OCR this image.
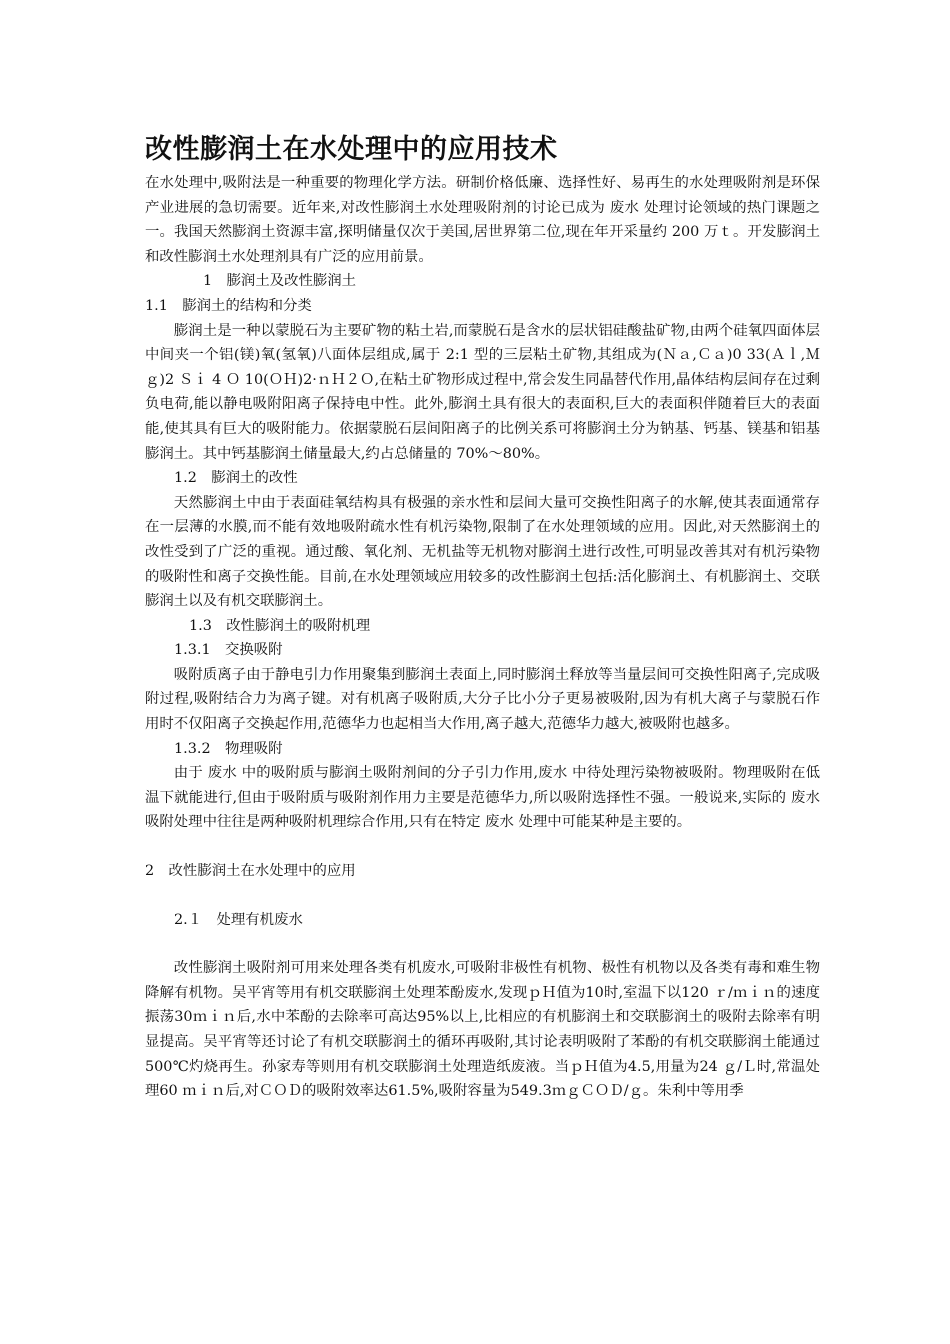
改性膨润土在水处理中的应用技术

在水处理中,吸附法是一种重要的物理化学方法。研制价格低廉、选择性好、易再生的水处理吸附剂是环保产业进展的急切需要。近年来,对改性膨润土水处理吸附剂的讨论已成为 废水 处理讨论领域的热门课题之一。我国天然膨润土资源丰富,探明储量仅次于美国,居世界第二位,现在年开采量约 200 万ｔ。开发膨润土和改性膨润土水处理剂具有广泛的应用前景。

1　膨润土及改性膨润土

1.1　膨润土的结构和分类

膨润土是一种以蒙脱石为主要矿物的粘土岩,而蒙脱石是含水的层状铝硅酸盐矿物,由两个硅氧四面体层中间夹一个铝(镁)氧(氢氧)八面体层组成,属于 2:1 型的三层粘土矿物,其组成为(Ｎａ,Ｃａ)0 33(Ａｌ,Ｍｇ)2 Ｓｉ 4 Ｏ 10(ＯＨ)2·ｎＨ２Ｏ,在粘土矿物形成过程中,常会发生同晶替代作用,晶体结构层间存在过剩负电荷,能以静电吸附阳离子保持电中性。此外,膨润土具有很大的表面积,巨大的表面积伴随着巨大的表面能,使其具有巨大的吸附能力。依据蒙脱石层间阳离子的比例关系可将膨润土分为钠基、钙基、镁基和铝基膨润土。其中钙基膨润土储量最大,约占总储量的 70%～80%。

1.2　膨润土的改性

天然膨润土中由于表面硅氧结构具有极强的亲水性和层间大量可交换性阳离子的水解,使其表面通常存在一层薄的水膜,而不能有效地吸附疏水性有机污染物,限制了在水处理领域的应用。因此,对天然膨润土的改性受到了广泛的重视。通过酸、氧化剂、无机盐等无机物对膨润土进行改性,可明显改善其对有机污染物的吸附性和离子交换性能。目前,在水处理领域应用较多的改性膨润土包括:活化膨润土、有机膨润土、交联膨润土以及有机交联膨润土。

1.3　改性膨润土的吸附机理

1.3.1　交换吸附

吸附质离子由于静电引力作用聚集到膨润土表面上,同时膨润土释放等当量层间可交换性阳离子,完成吸附过程,吸附结合力为离子键。对有机离子吸附质,大分子比小分子更易被吸附,因为有机大离子与蒙脱石作用时不仅阳离子交换起作用,范德华力也起相当大作用,离子越大,范德华力越大,被吸附也越多。

1.3.2　物理吸附

由于 废水 中的吸附质与膨润土吸附剂间的分子引力作用,废水 中待处理污染物被吸附。物理吸附在低温下就能进行,但由于吸附质与吸附剂作用力主要是范德华力,所以吸附选择性不强。一般说来,实际的 废水 吸附处理中往往是两种吸附机理综合作用,只有在特定 废水 处理中可能某种是主要的。

2　改性膨润土在水处理中的应用

2.１　处理有机废水

改性膨润土吸附剂可用来处理各类有机废水,可吸附非极性有机物、极性有机物以及各类有毒和难生物降解有机物。吴平宵等用有机交联膨润土处理苯酚废水,发现ｐＨ值为10时,室温下以120 ｒ/ｍｉｎ的速度振荡30ｍｉｎ后,水中苯酚的去除率可高达95%以上,比相应的有机膨润土和交联膨润土的吸附去除率有明显提高。吴平宵等还讨论了有机交联膨润土的循环再吸附,其讨论表明吸附了苯酚的有机交联膨润土能通过500℃灼烧再生。孙家寿等则用有机交联膨润土处理造纸废液。当ｐＨ值为4.5,用量为24 ｇ/Ｌ时,常温处理60 ｍｉｎ后,对ＣＯＤ的吸附效率达61.5%,吸附容量为549.3ｍｇＣＯＤ/ｇ。朱利中等用季
